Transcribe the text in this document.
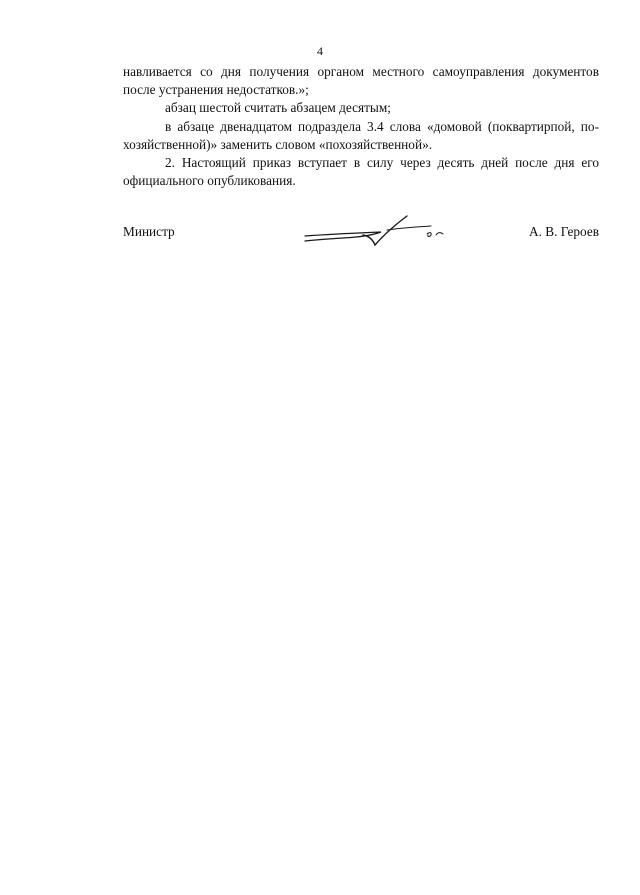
4

навливается со дня получения органом местного самоуправления документов после устранения недостатков.»;

абзац шестой считать абзацем десятым;

в абзаце двенадцатом подраздела 3.4 слова «домовой (поквартирпой, по-хозяйственной)» заменить словом «похозяйственной».

2. Настоящий приказ вступает в силу через десять дней после дня его официального опубликования.

Министр	А. В. Героев
